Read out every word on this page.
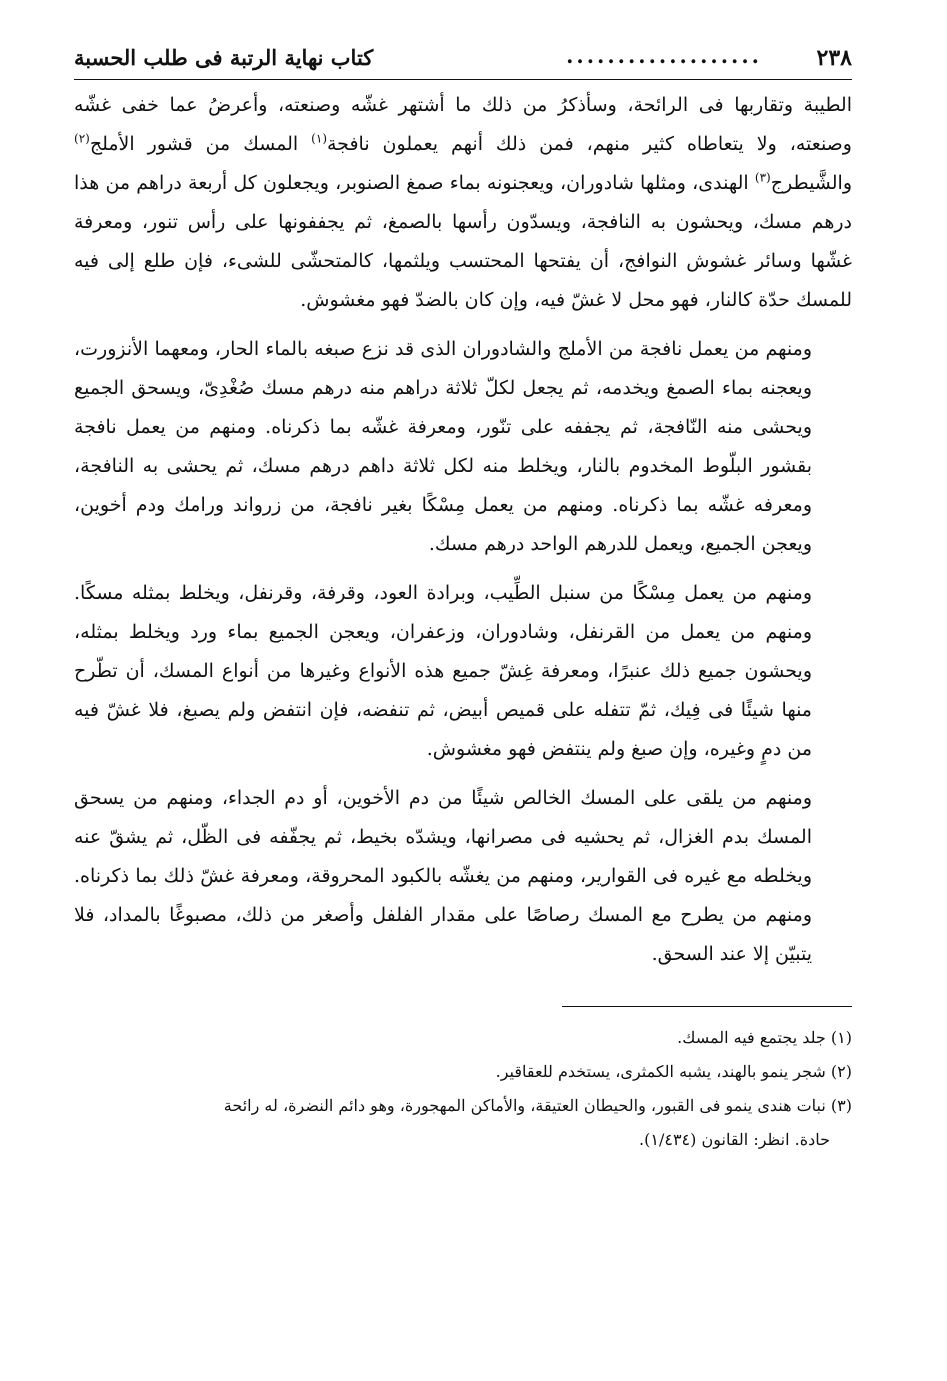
٢٣٨
...................
كتاب نهاية الرتبة فى طلب الحسبة

الطيبة وتقاربها فى الرائحة، وسأذكرُ من ذلك ما أشتهر غشّه وصنعته، وأعرضُ عما خفى غشّه وصنعته، ولا يتعاطاه كثير منهم، فمن ذلك أنهم يعملون نافجة$^{(١)}$ المسك من قشور الأملج$^{(٢)}$ والشَّيطرج$^{(٣)}$ الهندى، ومثلها شادوران، ويعجنونه بماء صمغ الصنوبر، ويجعلون كل أربعة دراهم من هذا درهم مسك، ويحشون به النافجة، ويسدّون رأسها بالصمغ، ثم يجففونها على رأس تنور، ومعرفة غشّها وسائر غشوش النوافج، أن يفتحها المحتسب ويلثمها، كالمتحشّى للشىء، فإن طلع إلى فيه للمسك حدّة كالنار، فهو محل لا غشّ فيه، وإن كان بالضدّ فهو مغشوش.

ومنهم من يعمل نافجة من الأملج والشادوران الذى قد نزع صبغه بالماء الحار، ومعهما الأنزورت، ويعجنه بماء الصمغ ويخدمه، ثم يجعل لكلّ ثلاثة دراهم منه درهم مسك صُغْدِىّ، ويسحق الجميع ويحشى منه النّافجة، ثم يجففه على تنّور، ومعرفة غشّه بما ذكرناه. ومنهم من يعمل نافجة بقشور البلّوط المخدوم بالنار، ويخلط منه لكل ثلاثة داهم درهم مسك، ثم يحشى به النافجة، ومعرفه غشّه بما ذكرناه. ومنهم من يعمل مِسْكًا بغير نافجة، من زرواند ورامك ودم أخوين، ويعجن الجميع، ويعمل للدرهم الواحد درهم مسك.

ومنهم من يعمل مِسْكًا من سنبل الطِّيب، وبرادة العود، وقرفة، وقرنفل، ويخلط بمثله مسكًا. ومنهم من يعمل من القرنفل، وشادوران، وزعفران، ويعجن الجميع بماء ورد ويخلط بمثله، ويحشون جميع ذلك عنبرًا، ومعرفة غِشّ جميع هذه الأنواع وغيرها من أنواع المسك، أن تطّرح منها شيئًا فى فِيك، ثمّ تتفله على قميص أبيض، ثم تنفضه، فإن انتفض ولم يصبغ، فلا غشّ فيه من دمٍ وغيره، وإن صبغ ولم ينتفض فهو مغشوش.

ومنهم من يلقى على المسك الخالص شيئًا من دم الأخوين، أو دم الجداء، ومنهم من يسحق المسك بدم الغزال، ثم يحشيه فى مصرانها، ويشدّه بخيط، ثم يجفّفه فى الظّل، ثم يشقّ عنه ويخلطه مع غيره فى القوارير، ومنهم من يغشّه بالكبود المحروقة، ومعرفة غشّ ذلك بما ذكرناه. ومنهم من يطرح مع المسك رصاصًا على مقدار الفلفل وأصغر من ذلك، مصبوغًا بالمداد، فلا يتبيّن إلا عند السحق.

(١) جلد يجتمع فيه المسك.
(٢) شجر ينمو بالهند، يشبه الكمثرى، يستخدم للعقاقير.
(٣) نبات هندى ينمو فى القبور، والحيطان العتيقة، والأماكن المهجورة، وهو دائم النضرة، له رائحة
حادة. انظر: القانون (١/٤٣٤).
